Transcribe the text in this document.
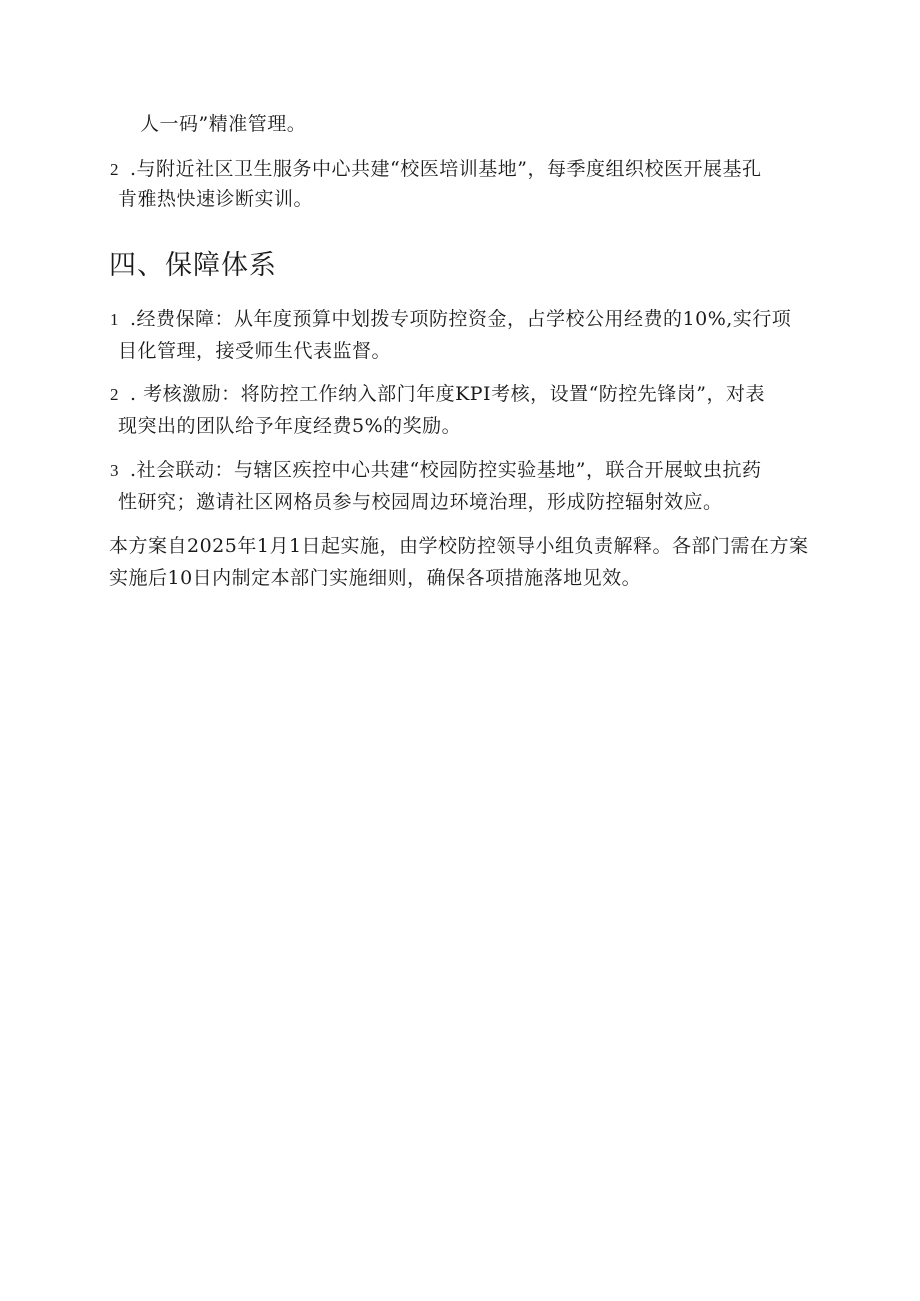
人一码”精准管理。
2 .与附近社区卫生服务中心共建“校医培训基地”，每季度组织校医开展基孔
肯雅热快速诊断实训。
四、保障体系
1 .经费保障：从年度预算中划拨专项防控资金，占学校公用经费的10%,实行项
目化管理，接受师生代表监督。
2 . 考核激励：将防控工作纳入部门年度KPI考核，设置“防控先锋岗”，对表
现突出的团队给予年度经费5%的奖励。
3 .社会联动：与辖区疾控中心共建“校园防控实验基地”，联合开展蚊虫抗药
性研究；邀请社区网格员参与校园周边环境治理，形成防控辐射效应。
本方案自2025年1月1日起实施，由学校防控领导小组负责解释。各部门需在方案
实施后10日内制定本部门实施细则，确保各项措施落地见效。
